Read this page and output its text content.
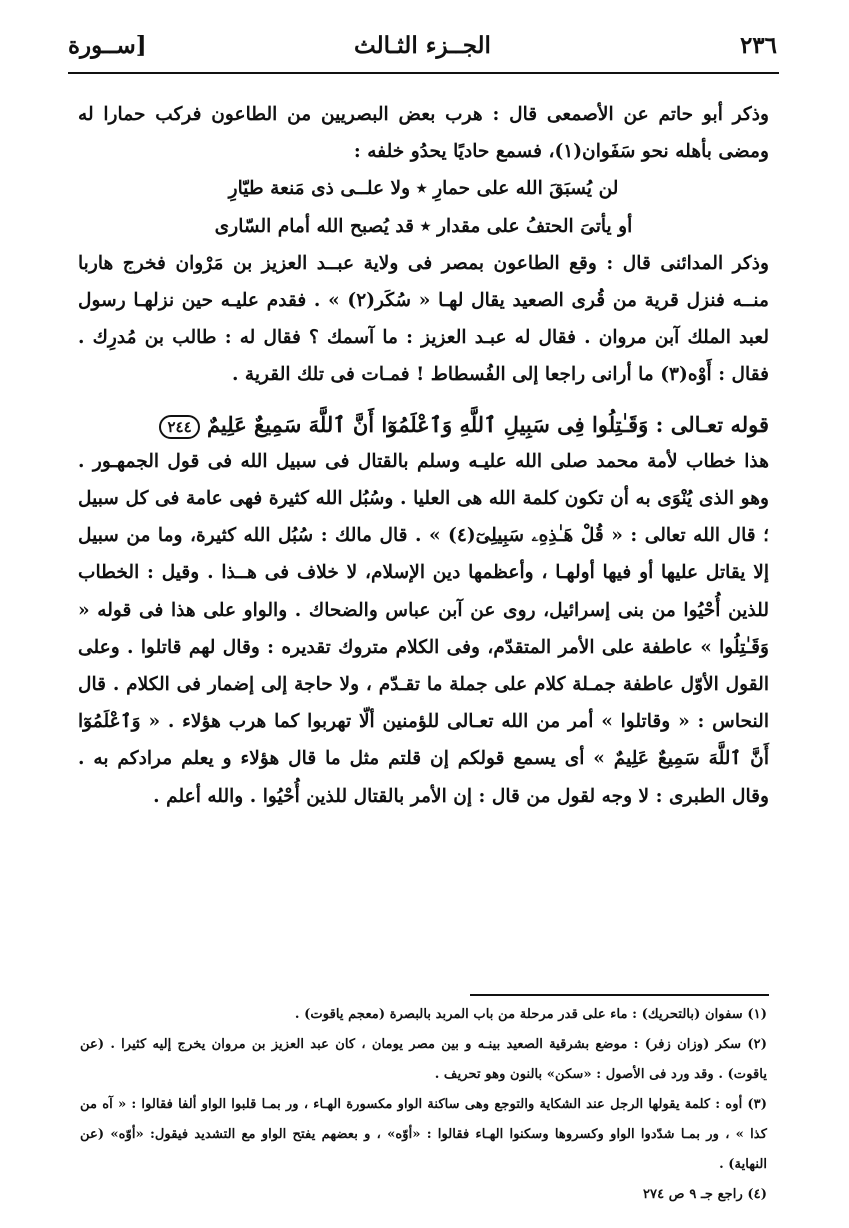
٢٣٦
الجــزء الثـالث
[ســورة

وذكر أبو حاتم عن الأصمعى قال : هرب بعض البصريين من الطاعون فركب حمارا له ومضى بأهله نحو سَفَوان(١)، فسمع حاديًا يحدُو خلفه :

لن يُسبَقَ الله على حمارِ ٭ ولا علــى ذى مَنعة طيّارِ
أو يأتىَ الحتفُ على مقدار ٭ قد يُصبح الله أمام السّارى

وذكر المدائنى قال : وقع الطاعون بمصر فى ولاية عبــد العزيز بن مَرْوان فخرج هاربا منــه فنزل قرية من قُرى الصعيد يقال لهـا « سُكَر(٢) » . فقدم عليـه حين نزلهـا رسول لعبد الملك آبن مروان . فقال له عبـد العزيز : ما آسمك ؟ فقال له : طالب بن مُدرِك . فقال : أَوْه(٣) ما أرانى راجعا إلى الفُسطاط ! فمـات فى تلك القرية .

قوله تعـالى : وَقَـٰتِلُوا فِى سَبِيلِ ٱللَّهِ وَٱعْلَمُوٓا أَنَّ ٱللَّهَ سَمِيعٌ عَلِيمٌ ٢٤٤

هذا خطاب لأمة محمد صلى الله عليـه وسلم بالقتال فى سبيل الله فى قول الجمهـور . وهو الذى يُنْوَى به أن تكون كلمة الله هى العليا . وسُبُل الله كثيرة فهى عامة فى كل سبيل ؛ قال الله تعالى : « قُلْ هَـٰذِهِۦ سَبِيلِىٓ(٤) » . قال مالك : سُبُل الله كثيرة، وما من سبيل إلا يقاتل عليها أو فيها أولهـا ، وأعظمها دين الإسلام، لا خلاف فى هــذا . وقيل : الخطاب للذين أُحْيُوا من بنى إسرائيل، روى عن آبن عباس والضحاك . والواو على هذا فى قوله « وَقَـٰتِلُوا » عاطفة على الأمر المتقدّم، وفى الكلام متروك تقديره : وقال لهم قاتلوا . وعلى القول الأوّل عاطفة جمـلة كلام على جملة ما تقـدّم ، ولا حاجة إلى إضمار فى الكلام . قال النحاس : « وقاتلوا » أمر من الله تعـالى للؤمنين ألّا تهربوا كما هرب هؤلاء . « وَٱعْلَمُوٓا أَنَّ ٱللَّهَ سَمِيعٌ عَلِيمٌ » أى يسمع قولكم إن قلتم مثل ما قال هؤلاء و يعلم مرادكم به . وقال الطبرى : لا وجه لقول من قال : إن الأمر بالقتال للذين أُحْيُوا . والله أعلم .

(١) سفوان (بالتحريك) : ماء على قدر مرحلة من باب المربد بالبصرة (معجم ياقوت) .

(٢) سكر (وزان زفر) : موضع بشرقية الصعيد بينـه و بين مصر يومان ، كان عبد العزيز بن مروان يخرج إليه كثيرا . (عن ياقوت) . وقد ورد فى الأصول : «سكن» بالنون وهو تحريف .

(٣) أوه : كلمة يقولها الرجل عند الشكاية والتوجع وهى ساكنة الواو مكسورة الهـاء ، ور بمـا قلبوا الواو ألفا فقالوا : « آه من كذا » ، ور بمـا شدّدوا الواو وكسروها وسكنوا الهـاء فقالوا : «أوّه» ، و بعضهم يفتح الواو مع التشديد فيقول: «أوّه» (عن النهاية) .

(٤) راجع جـ ٩ ص ٢٧٤
